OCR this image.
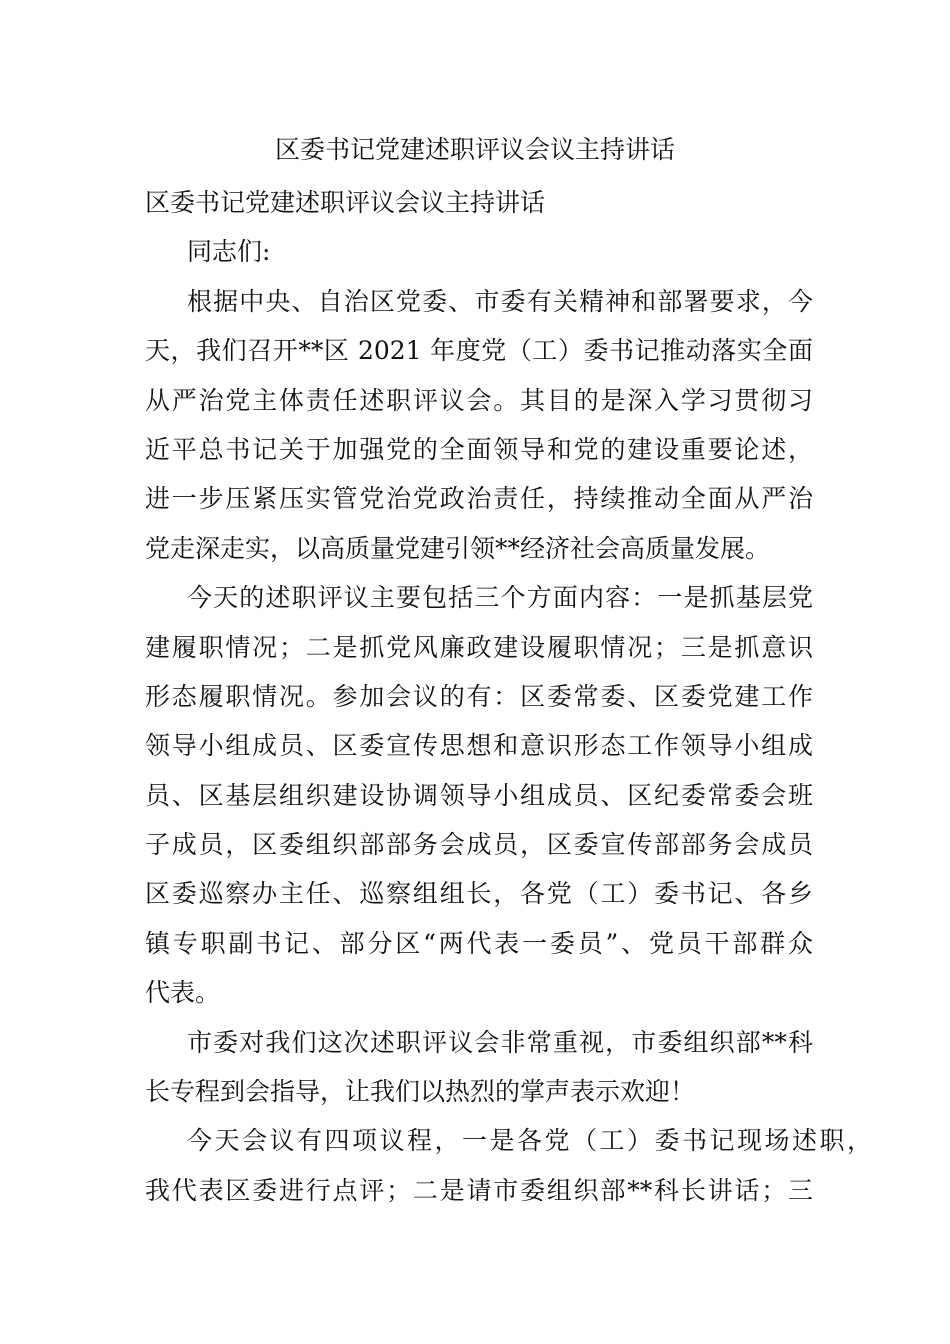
区委书记党建述职评议会议主持讲话
区委书记党建述职评议会议主持讲话
同志们:
根据中央、自治区党委、市委有关精神和部署要求，今
天，我们召开**区 2021 年度党（工）委书记推动落实全面
从严治党主体责任述职评议会。其目的是深入学习贯彻习
近平总书记关于加强党的全面领导和党的建设重要论述，
进一步压紧压实管党治党政治责任，持续推动全面从严治
党走深走实，以高质量党建引领**经济社会高质量发展。
今天的述职评议主要包括三个方面内容：一是抓基层党
建履职情况；二是抓党风廉政建设履职情况；三是抓意识
形态履职情况。参加会议的有：区委常委、区委党建工作
领导小组成员、区委宣传思想和意识形态工作领导小组成
员、区基层组织建设协调领导小组成员、区纪委常委会班
子成员，区委组织部部务会成员，区委宣传部部务会成员
区委巡察办主任、巡察组组长，各党（工）委书记、各乡
镇专职副书记、部分区“两代表一委员”、党员干部群众
代表。
市委对我们这次述职评议会非常重视，市委组织部**科
长专程到会指导，让我们以热烈的掌声表示欢迎！
今天会议有四项议程，一是各党（工）委书记现场述职，
我代表区委进行点评；二是请市委组织部**科长讲话；三
